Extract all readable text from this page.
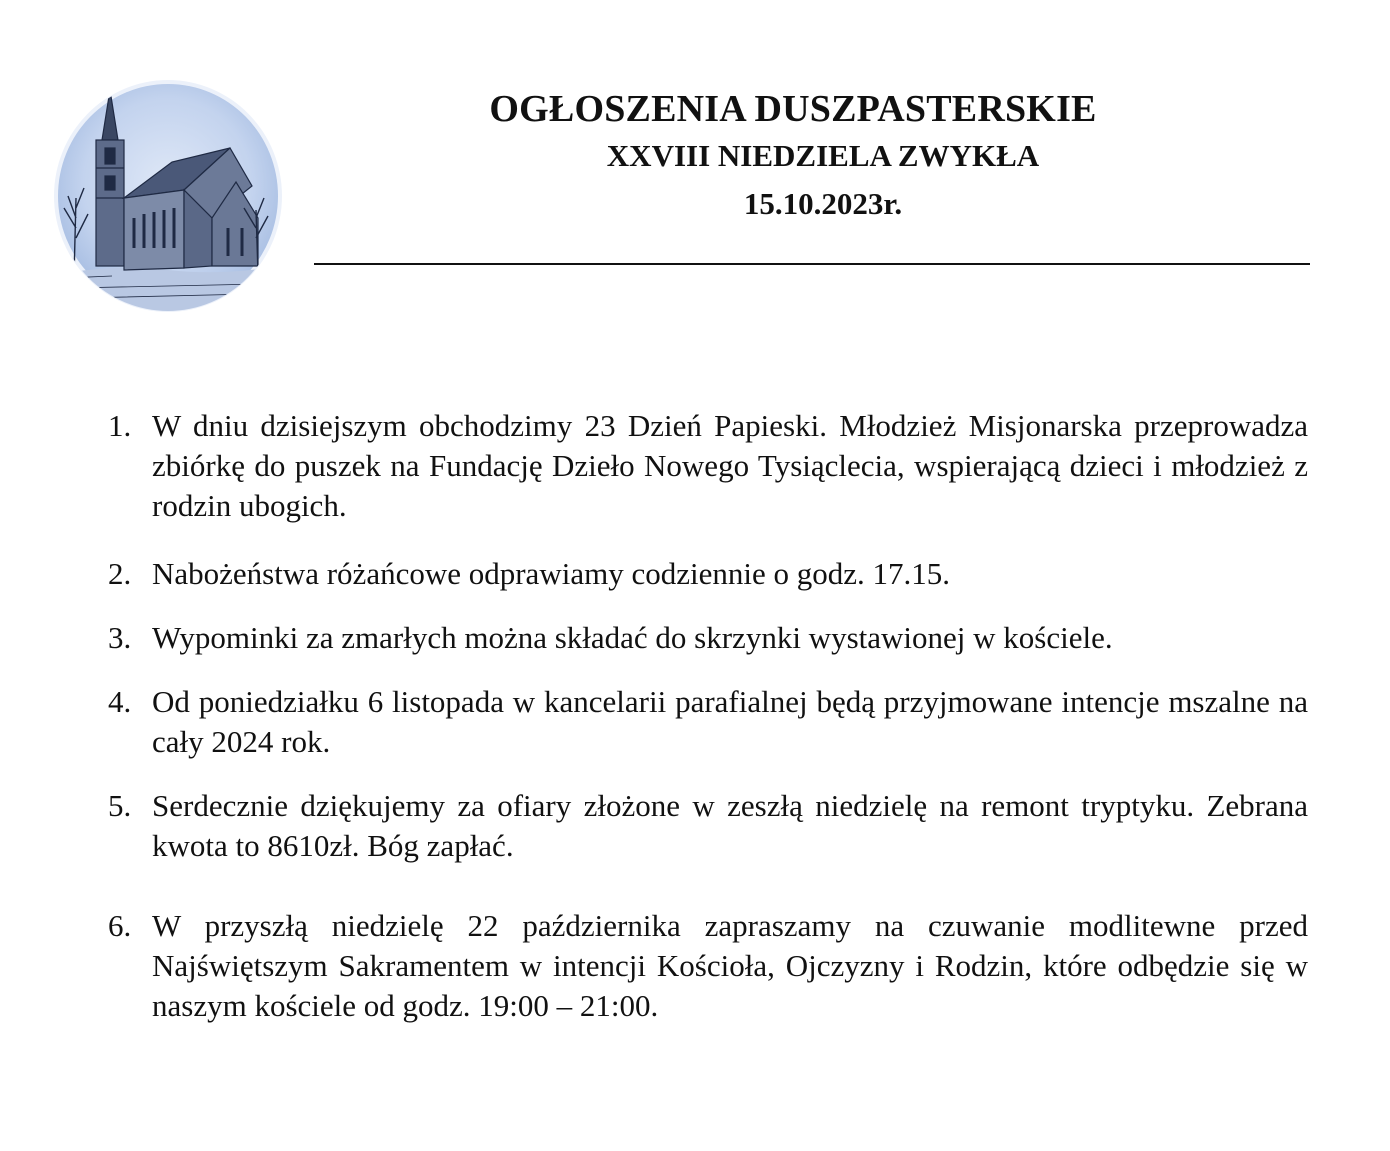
OGŁOSZENIA DUSZPASTERSKIE
XXVIII NIEDZIELA ZWYKŁA
15.10.2023r.
1. W dniu dzisiejszym obchodzimy 23 Dzień Papieski. Młodzież Misjonarska przeprowadza zbiórkę do puszek na Fundację Dzieło Nowego Tysiąclecia, wspierającą dzieci i młodzież z rodzin ubogich.
2. Nabożeństwa różańcowe odprawiamy codziennie o godz. 17.15.
3. Wypominki za zmarłych można składać do skrzynki wystawionej w kościele.
4. Od poniedziałku 6 listopada w kancelarii parafialnej będą przyjmowane intencje mszalne na cały 2024 rok.
5. Serdecznie dziękujemy za ofiary złożone w zeszłą niedzielę na remont tryptyku. Zebrana kwota to 8610zł. Bóg zapłać.
6. W przyszłą niedzielę 22 października zapraszamy na czuwanie modlitewne przed Najświętszym Sakramentem w intencji Kościoła, Ojczyzny i Rodzin, które odbędzie się w naszym kościele od godz. 19:00 – 21:00.
